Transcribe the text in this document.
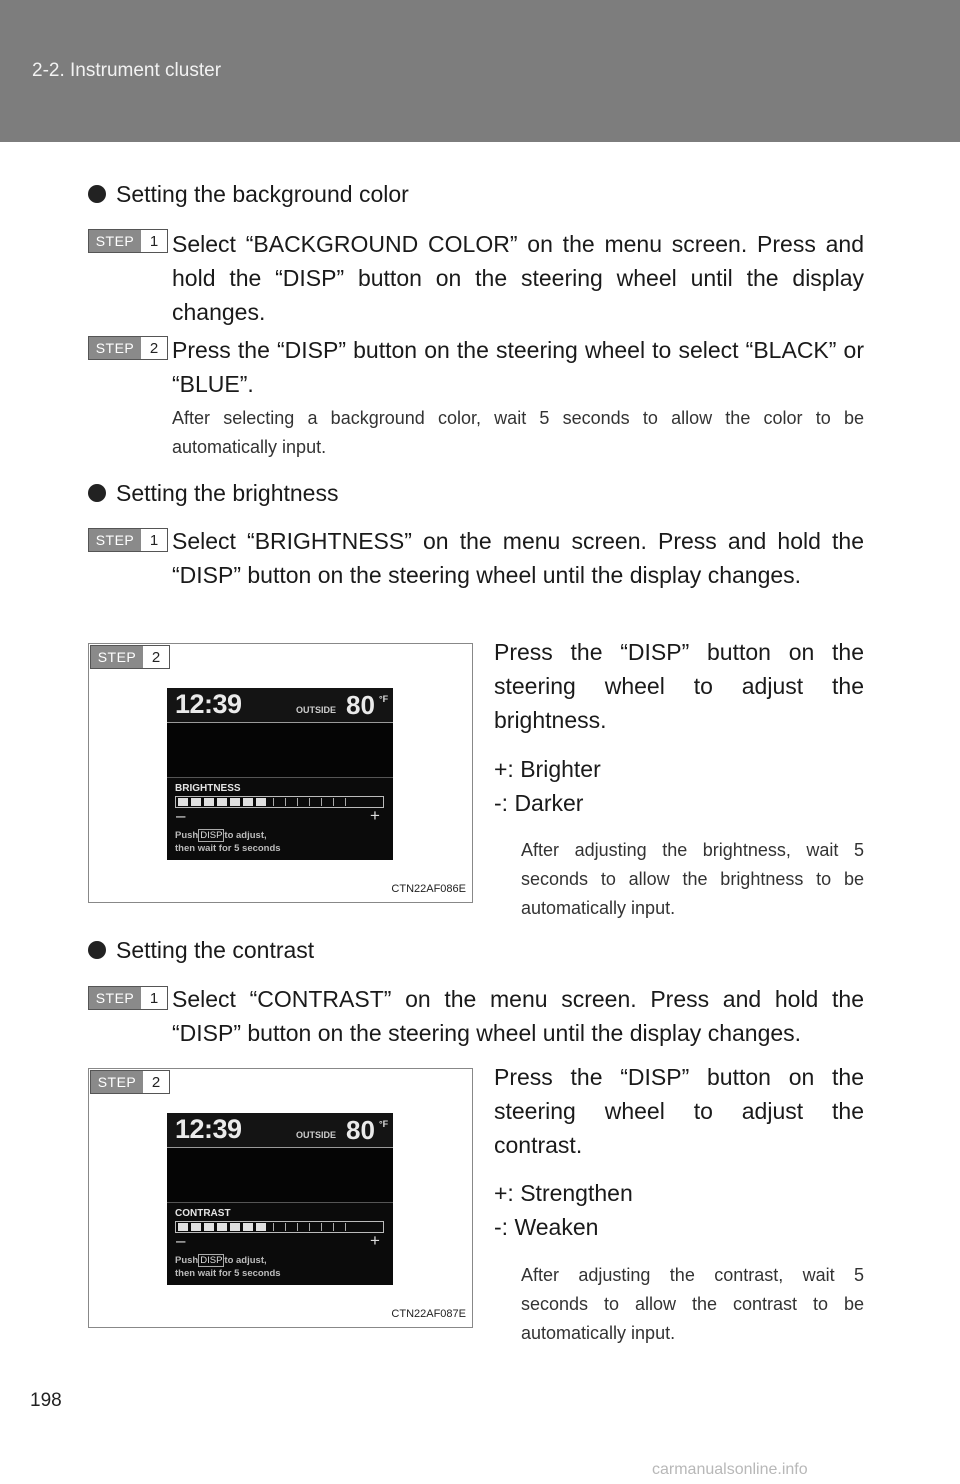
2-2. Instrument cluster
Setting the background color
STEP	1 Select “BACKGROUND COLOR” on the menu screen. Press and hold the “DISP” button on the steering wheel until the display changes.
STEP	2 Press the “DISP” button on the steering wheel to select “BLACK” or “BLUE”.
After selecting a background color, wait 5 seconds to allow the color to be automatically input.
Setting the brightness
STEP	1 Select “BRIGHTNESS” on the menu screen. Press and hold the “DISP” button on the steering wheel until the display changes.
STEP	2
12:39	OUTSIDE 80 °F
BRIGHTNESS
–	+
Push DISP to adjust,
then wait for 5 seconds
CTN22AF086E
Press the “DISP” button on the steering wheel to adjust the brightness.
+: Brighter
-: Darker
After adjusting the brightness, wait 5 seconds to allow the brightness to be automatically input.
Setting the contrast
STEP	1 Select “CONTRAST” on the menu screen. Press and hold the “DISP” button on the steering wheel until the display changes.
STEP	2
12:39	OUTSIDE 80 °F
CONTRAST
–	+
Push DISP to adjust,
then wait for 5 seconds
CTN22AF087E
Press the “DISP” button on the steering wheel to adjust the contrast.
+: Strengthen
-: Weaken
After adjusting the contrast, wait 5 seconds to allow the contrast to be automatically input.
198
carmanualsonline.info
